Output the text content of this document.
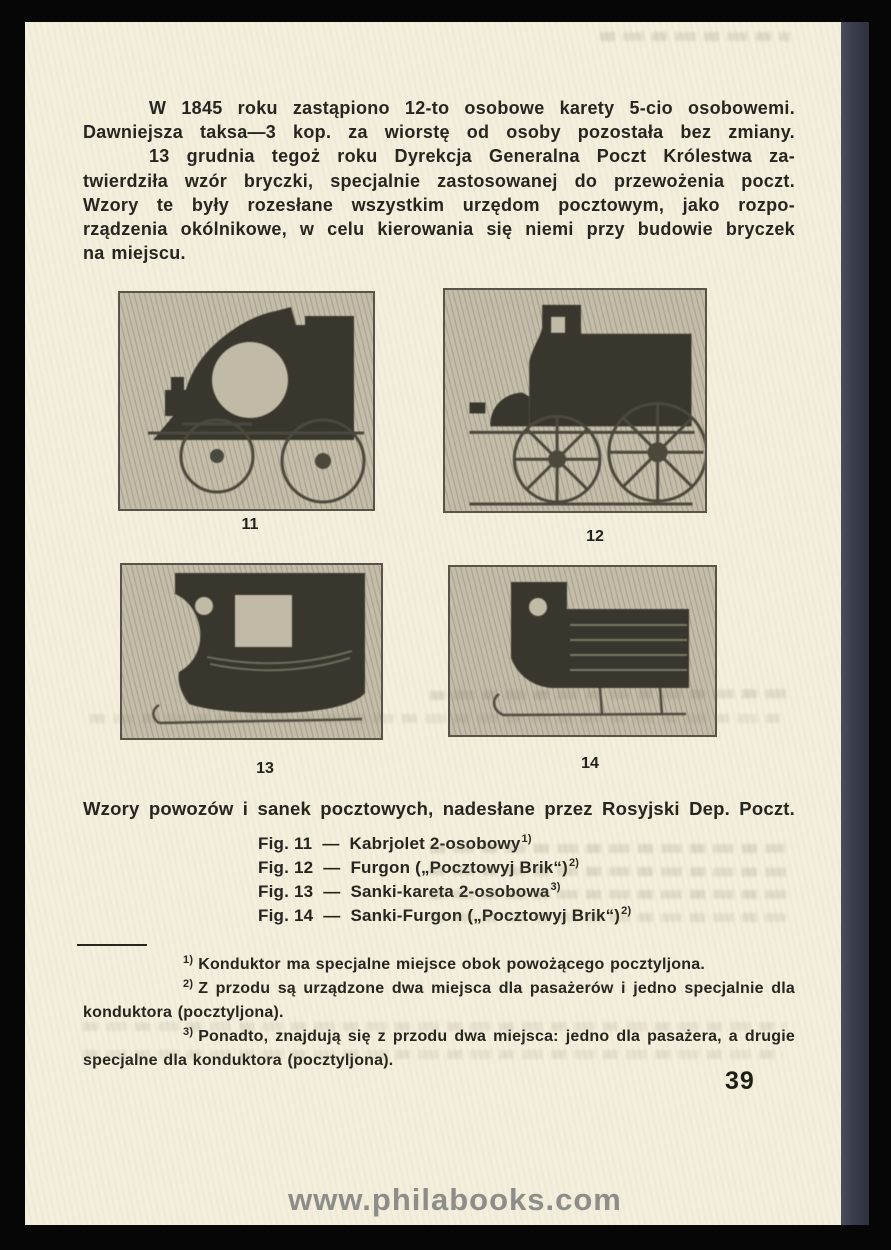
W 1845 roku zastąpiono 12-to osobowe karety 5-cio osobowemi.
Dawniejsza taksa—3 kop. za wiorstę od osoby pozostała bez zmiany.
13 grudnia tegoż roku Dyrekcja Generalna Poczt Królestwa za-
twierdziła wzór bryczki, specjalnie zastosowanej do przewożenia poczt.
Wzory te były rozesłane wszystkim urzędom pocztowym, jako rozpo-
rządzenia okólnikowe, w celu kierowania się niemi przy budowie bryczek
na miejscu.
11
12
13	14
Wzory powozów i sanek pocztowych, nadesłane przez Rosyjski Dep. Poczt.
Fig. 11 — Kabrjolet 2-osobowy$^{1)}$
Fig. 12 — Furgon („Pocztowyj Brik“)$^{2)}$
Fig. 13 — Sanki-kareta 2-osobowa$^{3)}$
Fig. 14 — Sanki-Furgon („Pocztowyj Brik“)$^{2)}$
$^{1)}$ Konduktor ma specjalne miejsce obok powożącego pocztyljona.
$^{2)}$ Z przodu są urządzone dwa miejsca dla pasażerów i jedno specjalnie dla konduktora (pocztyljona).
$^{3)}$ Ponadto, znajdują się z przodu dwa miejsca: jedno dla pasażera, a drugie specjalne dla konduktora (pocztyljona).
39
www.philabooks.com
